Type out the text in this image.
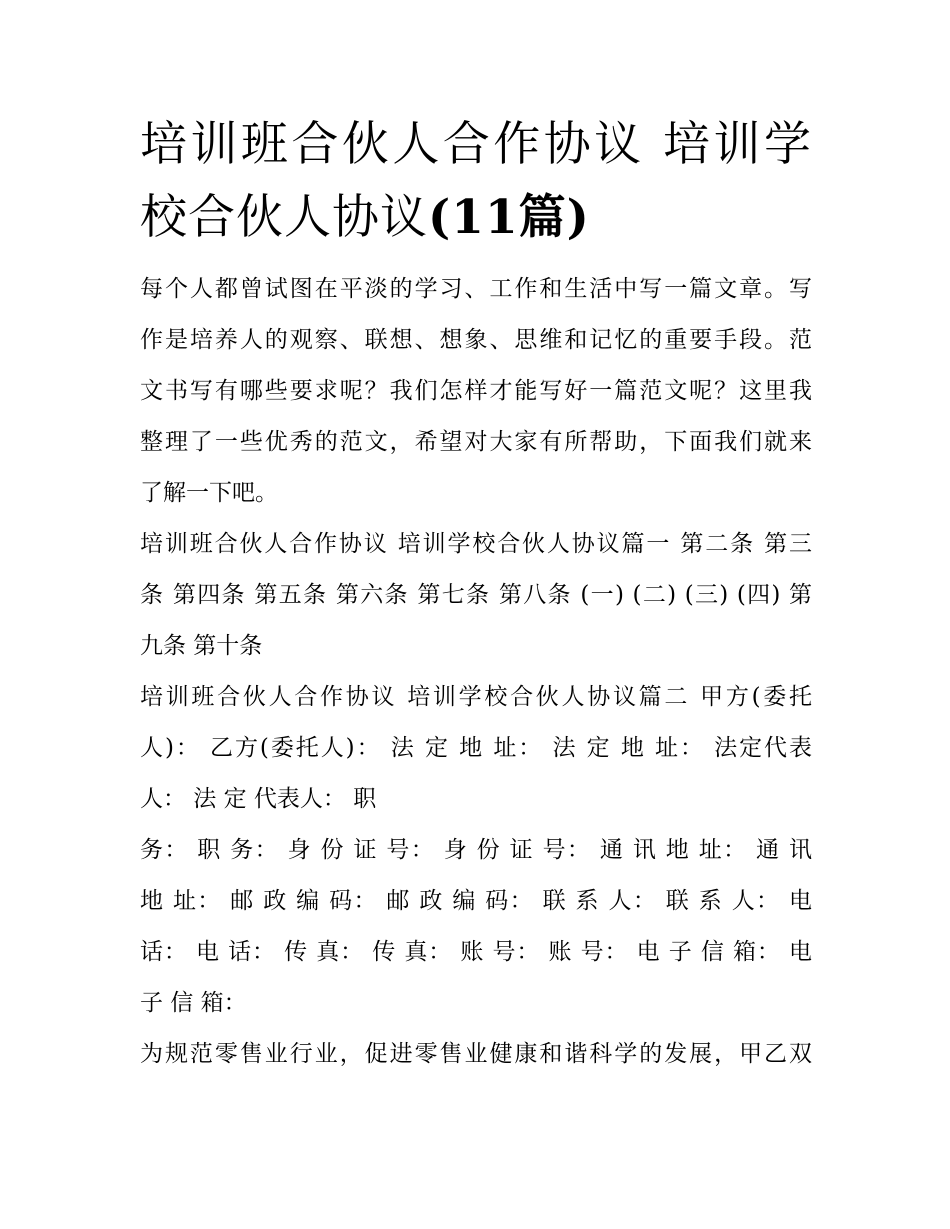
培训班合伙人合作协议 培训学
校合伙人协议(11篇)

每个人都曾试图在平淡的学习、工作和生活中写一篇文章。写
作是培养人的观察、联想、想象、思维和记忆的重要手段。范
文书写有哪些要求呢？我们怎样才能写好一篇范文呢？这里我
整理了一些优秀的范文，希望对大家有所帮助，下面我们就来
了解一下吧。

培训班合伙人合作协议 培训学校合伙人协议篇一 第二条 第三
条 第四条 第五条 第六条 第七条 第八条 (一) (二) (三) (四) 第
九条 第十条

培训班合伙人合作协议 培训学校合伙人协议篇二 甲方(委托
人)： 乙方(委托人)： 法 定 地 址： 法 定 地 址： 法定代表
人： 法 定 代表人： 职

务： 职 务： 身 份 证 号： 身 份 证 号： 通 讯 地 址： 通 讯
地 址： 邮 政 编 码： 邮 政 编 码： 联 系 人： 联 系 人： 电
话： 电 话： 传 真： 传 真： 账 号： 账 号： 电 子 信 箱： 电
子 信 箱：

为规范零售业行业，促进零售业健康和谐科学的发展，甲乙双
